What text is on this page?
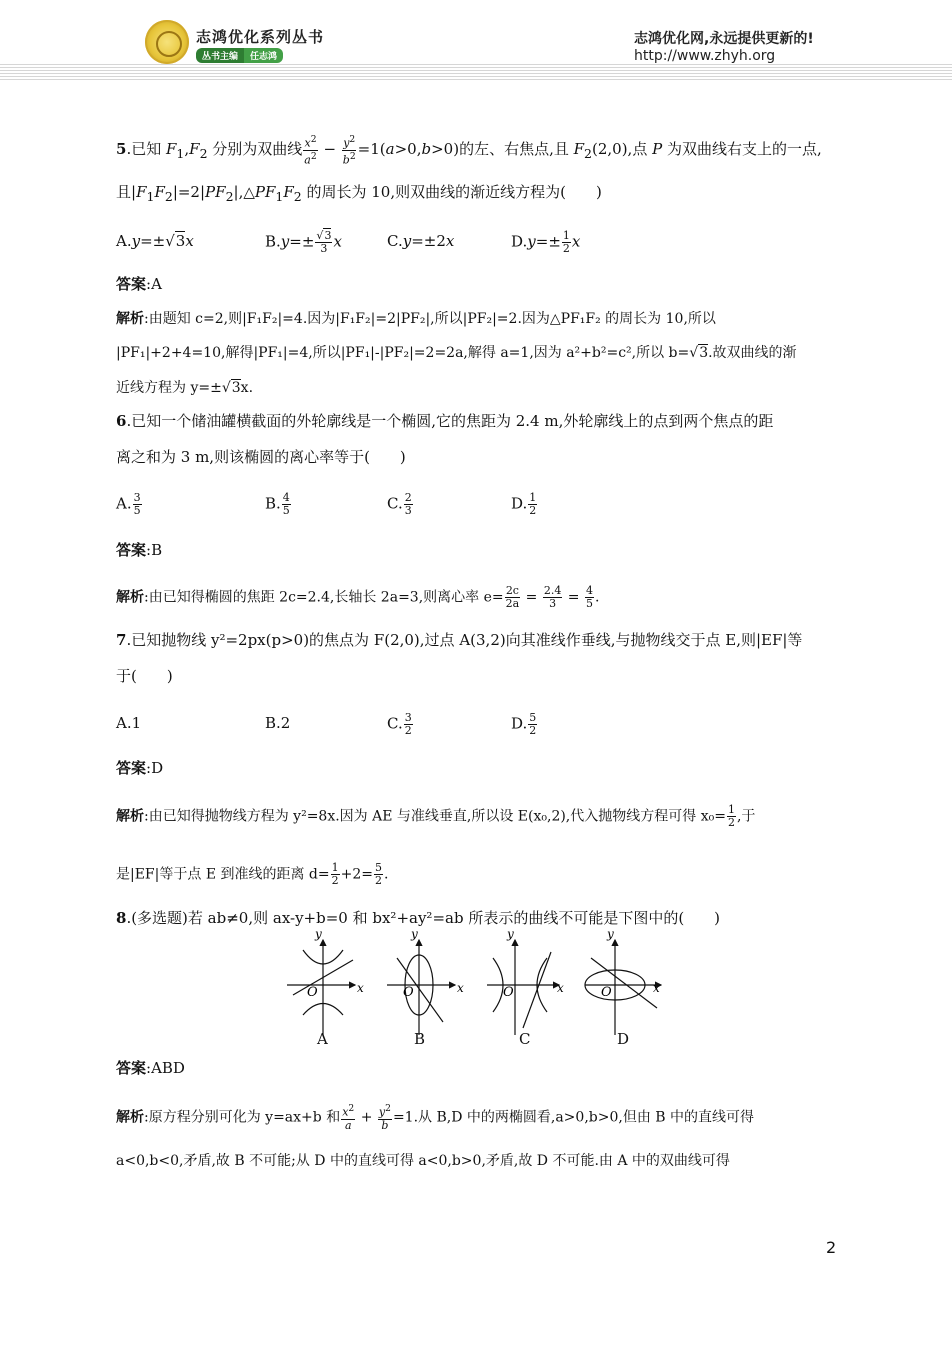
志鸿优化系列丛书
丛书主编 任志鸿
志鸿优化网,永远提供更新的!
http://www.zhyh.org
5.已知 $F_1,F_2$ 分别为双曲线 $\frac{x^2}{a^2} - \frac{y^2}{b^2} =1(a>0,b>0)$的左、右焦点,且 $F_2(2,0)$,点 P 为双曲线右支上的一点,
且$|F_1F_2|=2|PF_2|,\triangle PF_1F_2$ 的周长为 10,则双曲线的渐近线方程为(　　)
A.y=±√3x	$B.y=\pm \frac{√3}{3}$ x	C.y=±2x	$D.y=\pm \frac{1}{2}$ x
答案:A
解析:由题知 c=2,则|F₁F₂|=4.因为|F₁F₂|=2|PF₂|,所以|PF₂|=2.因为△PF₁F₂ 的周长为 10,所以
|PF₁|+2+4=10,解得|PF₁|=4,所以|PF₁|-|PF₂|=2=2a,解得 a=1,因为 a²+b²=c²,所以 b=√3.故双曲线的渐
近线方程为 y=±√3x.
6.已知一个储油罐横截面的外轮廓线是一个椭圆,它的焦距为 2.4 m,外轮廓线上的点到两个焦点的距
离之和为 3 m,则该椭圆的离心率等于(　　)
A. $\frac{3}{5}$	B. $\frac{4}{5}$	C. $\frac{2}{3}$	D. $\frac{1}{2}$
答案:B
解析:由已知得椭圆的焦距 2c=2.4,长轴长 2a=3,则离心率 $e= \frac{2c}{2a} = \frac{2.4}{3} = \frac{4}{5}$ .
7.已知抛物线 y²=2px(p>0)的焦点为 F(2,0),过点 A(3,2)向其准线作垂线,与抛物线交于点 E,则|EF|等
于(　　)
A.1	B.2	C. $\frac{3}{2}$	D. $\frac{5}{2}$
答案:D
解析:由已知得抛物线方程为 y²=8x.因为 AE 与准线垂直,所以设 E(x₀,2),代入抛物线方程可得 $x_0= \frac{1}{2}$ ,于
是|EF|等于点 E 到准线的距离 $d= \frac{1}{2} +2= \frac{5}{2}$ .
8.(多选题)若 ab≠0,则 ax-y+b=0 和 bx²+ay²=ab 所表示的曲线不可能是下图中的(　　)
y
x
O
y
x
O
y
x
O
y
x
O
A	B	C	D
答案:ABD
解析:原方程分别可化为 y=ax+b 和 $\frac{x^2}{a} + \frac{y^2}{b} =1$.从 B,D 中的两椭圆看,a>0,b>0,但由 B 中的直线可得
a<0,b<0,矛盾,故 B 不可能;从 D 中的直线可得 a<0,b>0,矛盾,故 D 不可能.由 A 中的双曲线可得
2
